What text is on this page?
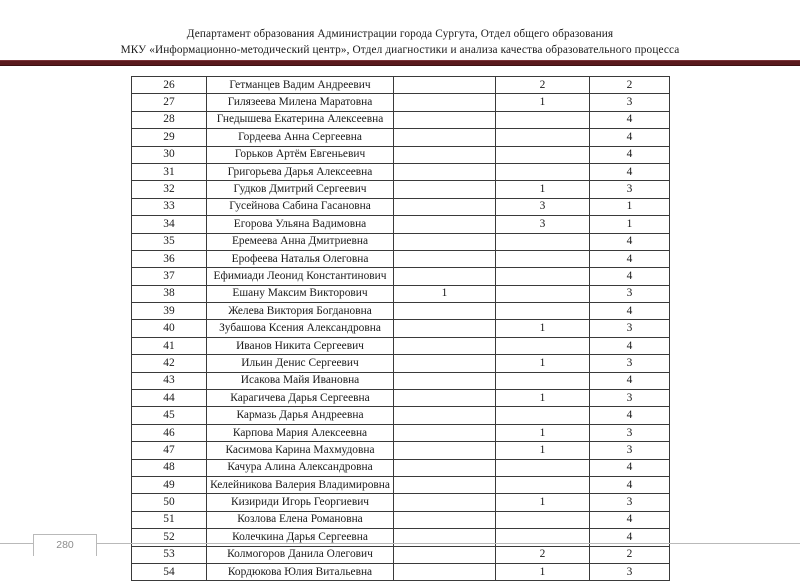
Департамент образования Администрации города Сургута, Отдел общего образования
МКУ «Информационно-методический центр», Отдел диагностики и анализа качества образовательного процесса
26	Гетманцев Вадим Андреевич		2	2
27	Гилязеева Милена Маратовна		1	3
28	Гнедышева Екатерина Алексеевна			4
29	Гордеева Анна Сергеевна			4
30	Горьков Артём Евгеньевич			4
31	Григорьева Дарья Алексеевна			4
32	Гудков Дмитрий Сергеевич		1	3
33	Гусейнова Сабина Гасановна		3	1
34	Егорова Ульяна Вадимовна		3	1
35	Еремеева Анна Дмитриевна			4
36	Ерофеева Наталья Олеговна			4
37	Ефимиади Леонид Константинович			4
38	Ешану Максим Викторович	1		3
39	Желева Виктория Богдановна			4
40	Зубашова Ксения Александровна		1	3
41	Иванов Никита Сергеевич			4
42	Ильин Денис Сергеевич		1	3
43	Исакова Майя Ивановна			4
44	Карагичева Дарья Сергеевна		1	3
45	Кармазь Дарья Андреевна			4
46	Карпова Мария Алексеевна		1	3
47	Касимова Карина Махмудовна		1	3
48	Качура Алина Александровна			4
49	Келейникова Валерия Владимировна			4
50	Кизириди Игорь Георгиевич		1	3
51	Козлова Елена Романовна			4
52	Колечкина Дарья Сергеевна			4
53	Колмогоров Данила Олегович		2	2
54	Кордюкова Юлия Витальевна		1	3
280
